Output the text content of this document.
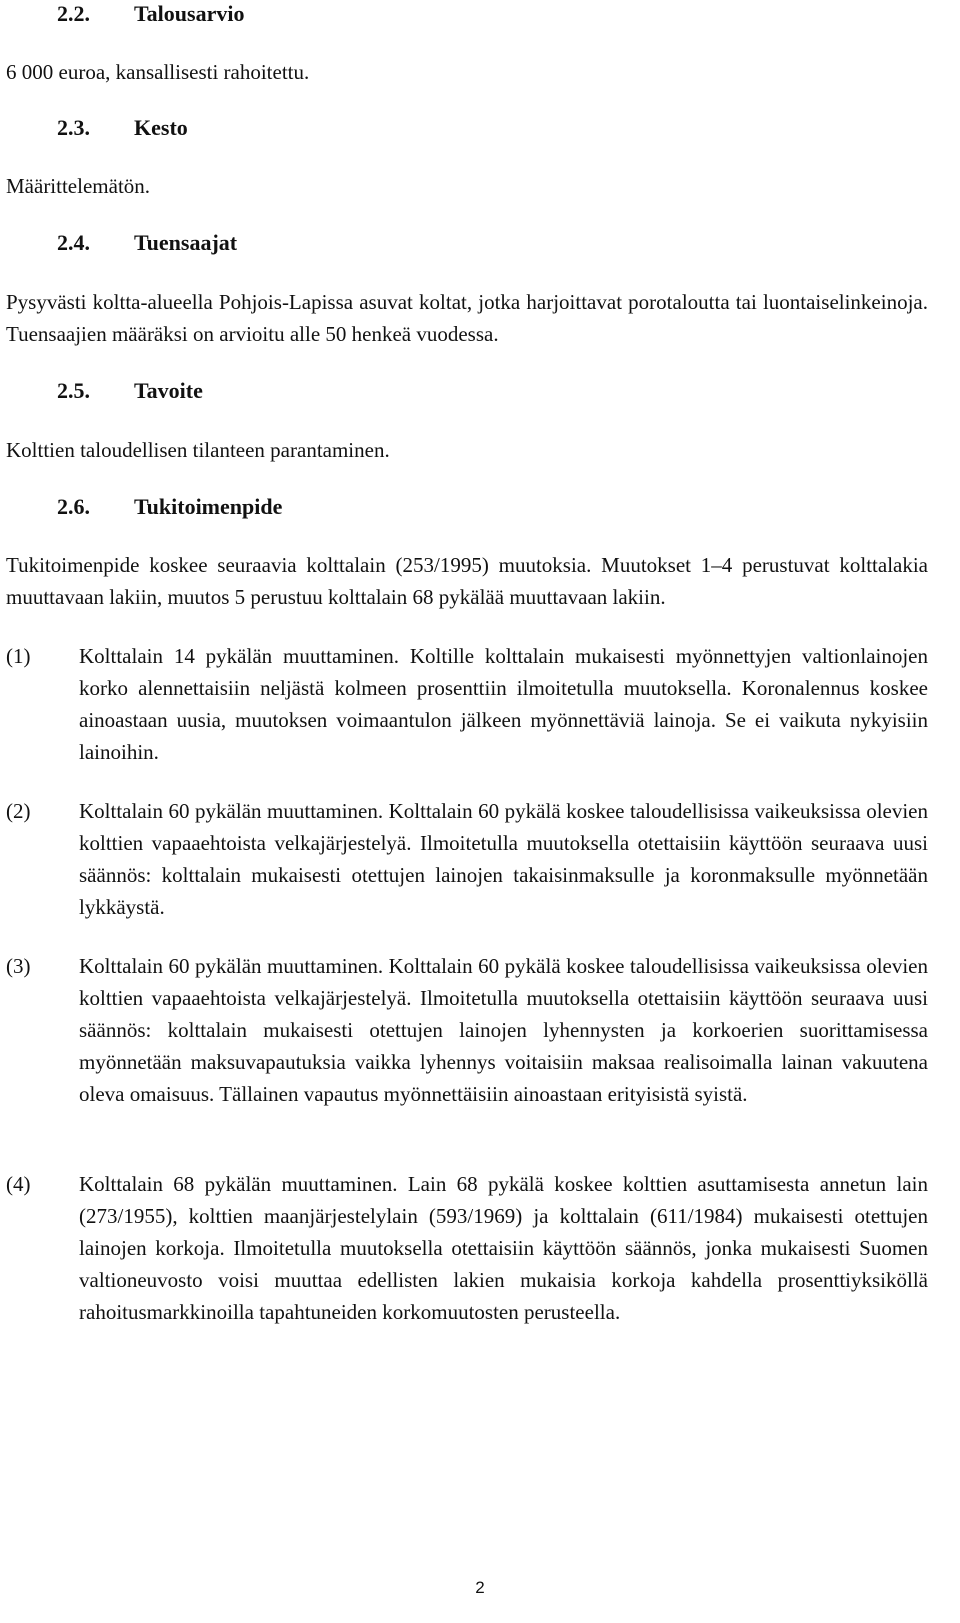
2.2. Talousarvio
6 000 euroa, kansallisesti rahoitettu.
2.3. Kesto
Määrittelemätön.
2.4. Tuensaajat
Pysyvästi koltta-alueella Pohjois-Lapissa asuvat koltat, jotka harjoittavat porotaloutta tai luontaiselinkeinoja. Tuensaajien määräksi on arvioitu alle 50 henkeä vuodessa.
2.5. Tavoite
Kolttien taloudellisen tilanteen parantaminen.
2.6. Tukitoimenpide
Tukitoimenpide koskee seuraavia kolttalain (253/1995) muutoksia. Muutokset 1–4 perustuvat kolttalakia muuttavaan lakiin, muutos 5 perustuu kolttalain 68 pykälää muuttavaan lakiin.
(1) Kolttalain 14 pykälän muuttaminen. Koltille kolttalain mukaisesti myönnettyjen valtionlainojen korko alennettaisiin neljästä kolmeen prosenttiin ilmoitetulla muutoksella. Koronalennus koskee ainoastaan uusia, muutoksen voimaantulon jälkeen myönnettäviä lainoja. Se ei vaikuta nykyisiin lainoihin.
(2) Kolttalain 60 pykälän muuttaminen. Kolttalain 60 pykälä koskee taloudellisissa vaikeuksissa olevien kolttien vapaaehtoista velkajärjestelyä. Ilmoitetulla muutoksella otettaisiin käyttöön seuraava uusi säännös: kolttalain mukaisesti otettujen lainojen takaisinmaksulle ja koronmaksulle myönnetään lykkäystä.
(3) Kolttalain 60 pykälän muuttaminen. Kolttalain 60 pykälä koskee taloudellisissa vaikeuksissa olevien kolttien vapaaehtoista velkajärjestelyä. Ilmoitetulla muutoksella otettaisiin käyttöön seuraava uusi säännös: kolttalain mukaisesti otettujen lainojen lyhennysten ja korkoerien suorittamisessa myönnetään maksuvapautuksia vaikka lyhennys voitaisiin maksaa realisoimalla lainan vakuutena oleva omaisuus. Tällainen vapautus myönnettäisiin ainoastaan erityisistä syistä.
(4) Kolttalain 68 pykälän muuttaminen. Lain 68 pykälä koskee kolttien asuttamisesta annetun lain (273/1955), kolttien maanjärjestelylain (593/1969) ja kolttalain (611/1984) mukaisesti otettujen lainojen korkoja. Ilmoitetulla muutoksella otettaisiin käyttöön säännös, jonka mukaisesti Suomen valtioneuvosto voisi muuttaa edellisten lakien mukaisia korkoja kahdella prosenttiyksiköllä rahoitusmarkkinoilla tapahtuneiden korkomuutosten perusteella.
2
